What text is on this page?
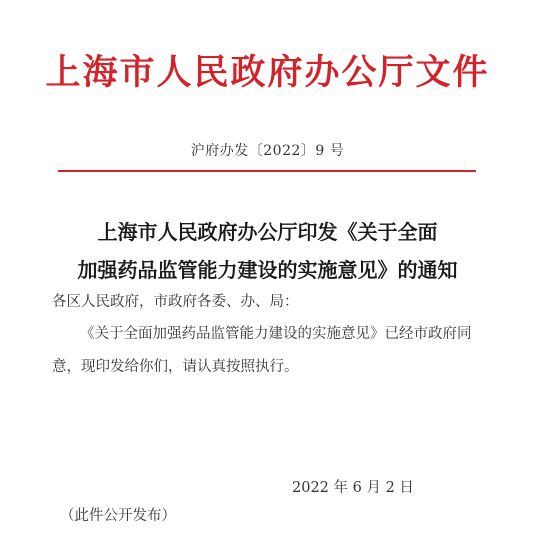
上海市人民政府办公厅文件
沪府办发〔2022〕9 号
上海市人民政府办公厅印发《关于全面
加强药品监管能力建设的实施意见》的通知
各区人民政府，市政府各委、办、局：
《关于全面加强药品监管能力建设的实施意见》已经市政府同
意，现印发给你们，请认真按照执行。
2022 年 6 月 2 日
（此件公开发布）
